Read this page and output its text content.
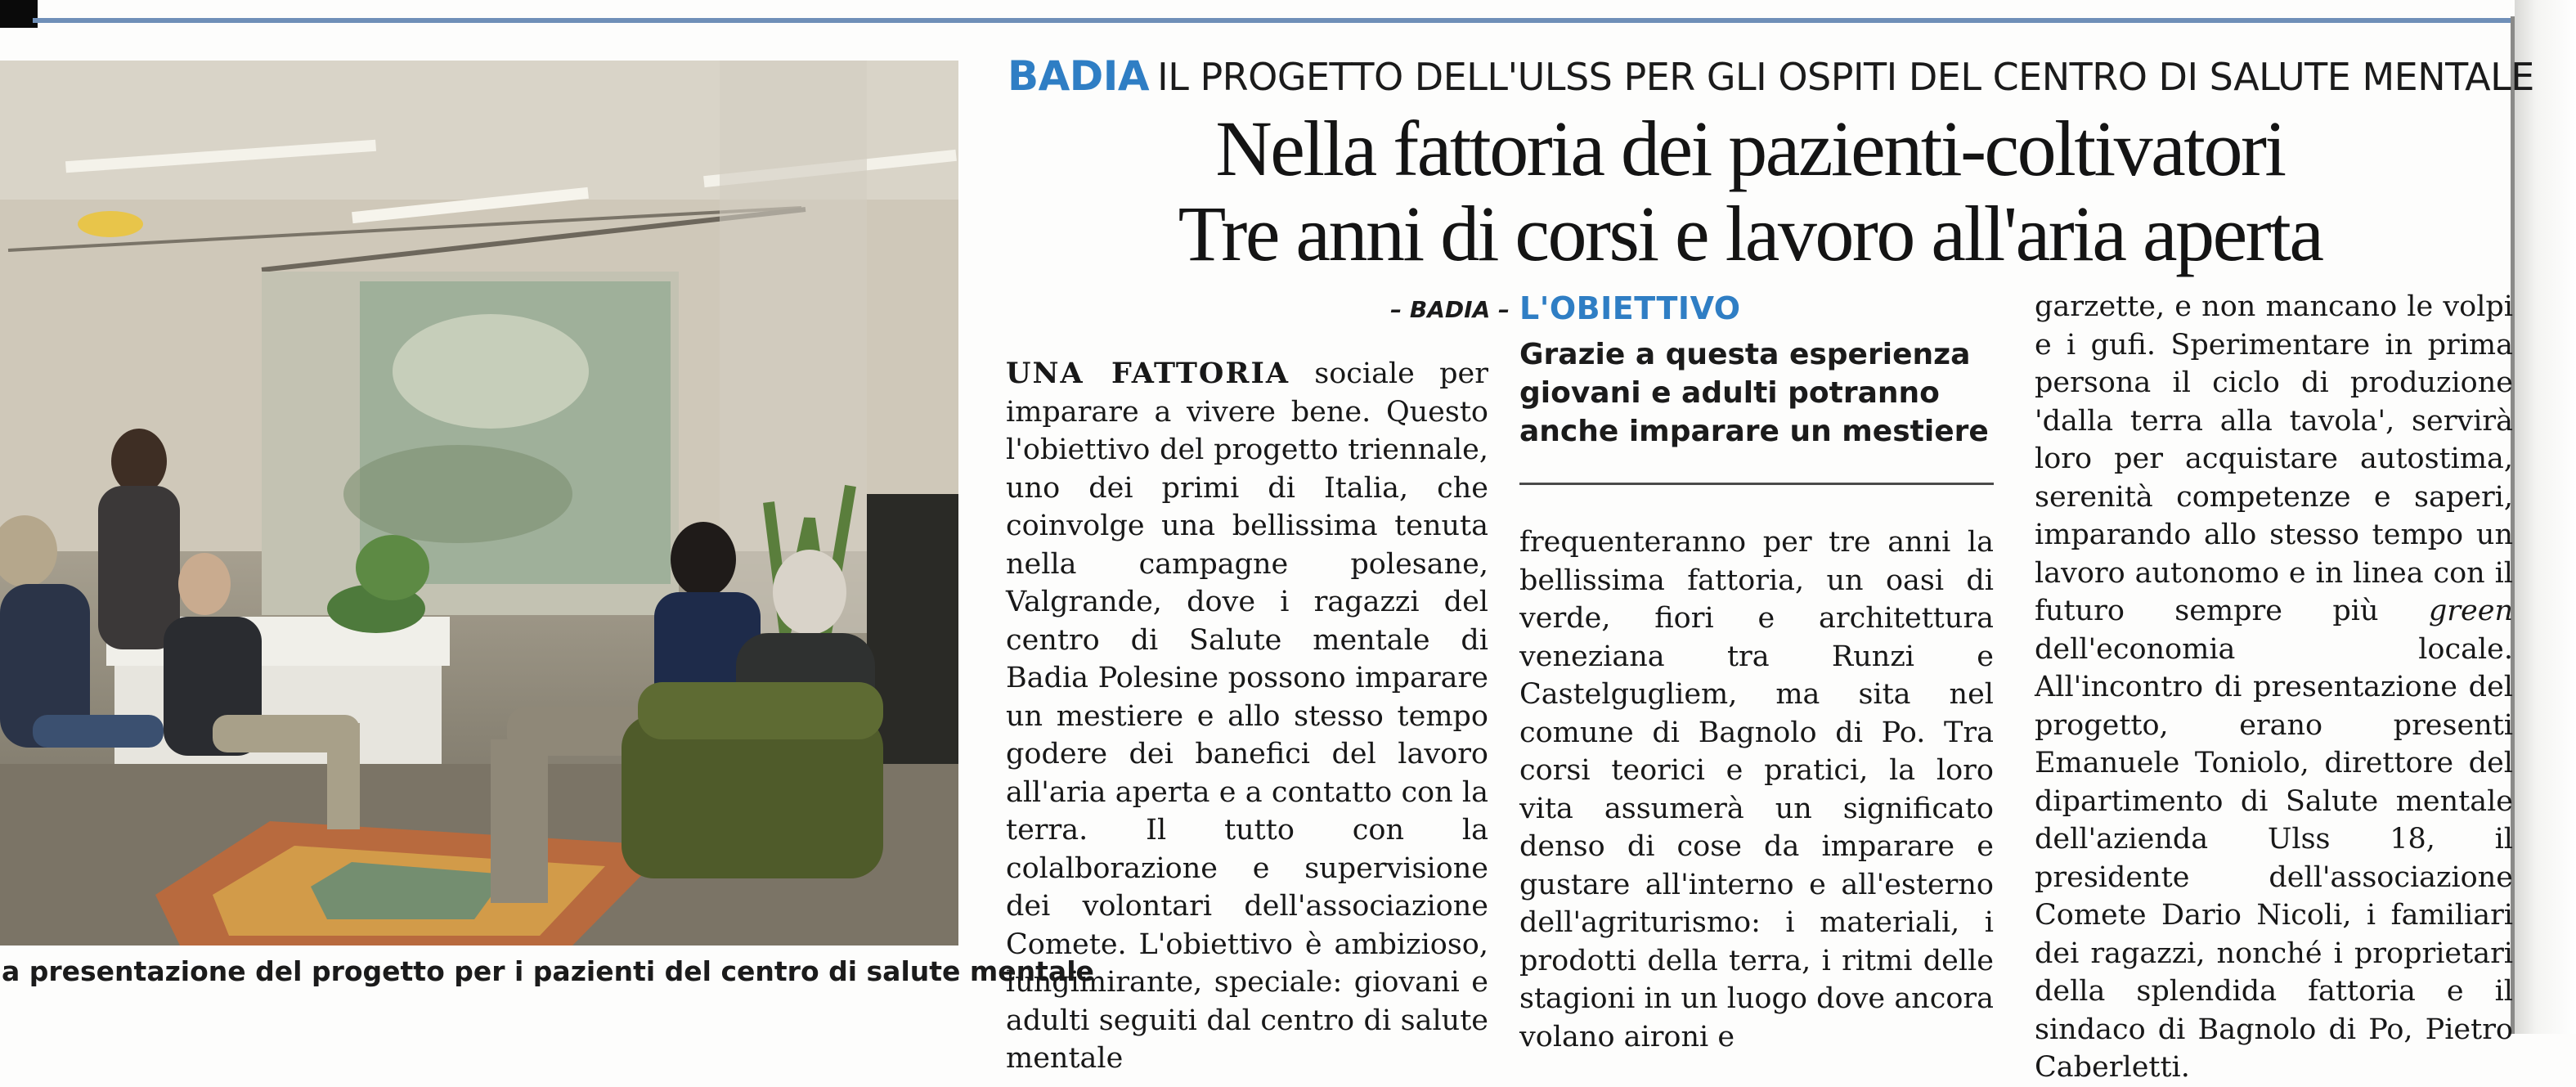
a presentazione del progetto per i pazienti del centro di salute mentale
BADIA IL PROGETTO DELL'ULSS PER GLI OSPITI DEL CENTRO DI SALUTE MENTALE
Nella fattoria dei pazienti-coltivatori
Tre anni di corsi e lavoro all'aria aperta
– BADIA –
UNA FATTORIA sociale per imparare a vivere bene. Questo l'obiettivo del progetto triennale, uno dei primi di Italia, che coinvolge una bellissima tenuta nella campagne polesane, Valgrande, dove i ragazzi del centro di Salute mentale di Badia Polesine possono imparare un mestiere e allo stesso tempo godere dei banefici del lavoro all'aria aperta e a contatto con la terra. Il tutto con la colalborazione e supervisione dei volontari dell'associazione Comete. L'obiettivo è ambizioso, lungimirante, speciale: giovani e adulti seguiti dal centro di salute mentale
L'OBIETTIVO
Grazie a questa esperienza giovani e adulti potranno anche imparare un mestiere
frequenteranno per tre anni la bellissima fattoria, un oasi di verde, fiori e architettura veneziana tra Runzi e Castelgugliem, ma sita nel comune di Bagnolo di Po. Tra corsi teorici e pratici, la loro vita assumerà un significato denso di cose da imparare e gustare all'interno e all'esterno dell'agriturismo: i materiali, i prodotti della terra, i ritmi delle stagioni in un luogo dove ancora volano aironi e
garzette, e non mancano le volpi e i gufi. Sperimentare in prima persona il ciclo di produzione 'dalla terra alla tavola', servirà loro per acquistare autostima, serenità competenze e saperi, imparando allo stesso tempo un lavoro autonomo e in linea con il futuro sempre più green dell'economia locale. All'incontro di presentazione del progetto, erano presenti Emanuele Toniolo, direttore del dipartimento di Salute mentale dell'azienda Ulss 18, il presidente dell'associazione Comete Dario Nicoli, i familiari dei ragazzi, nonché i proprietari della splendida fattoria e il sindaco di Bagnolo di Po, Pietro Caberletti.
